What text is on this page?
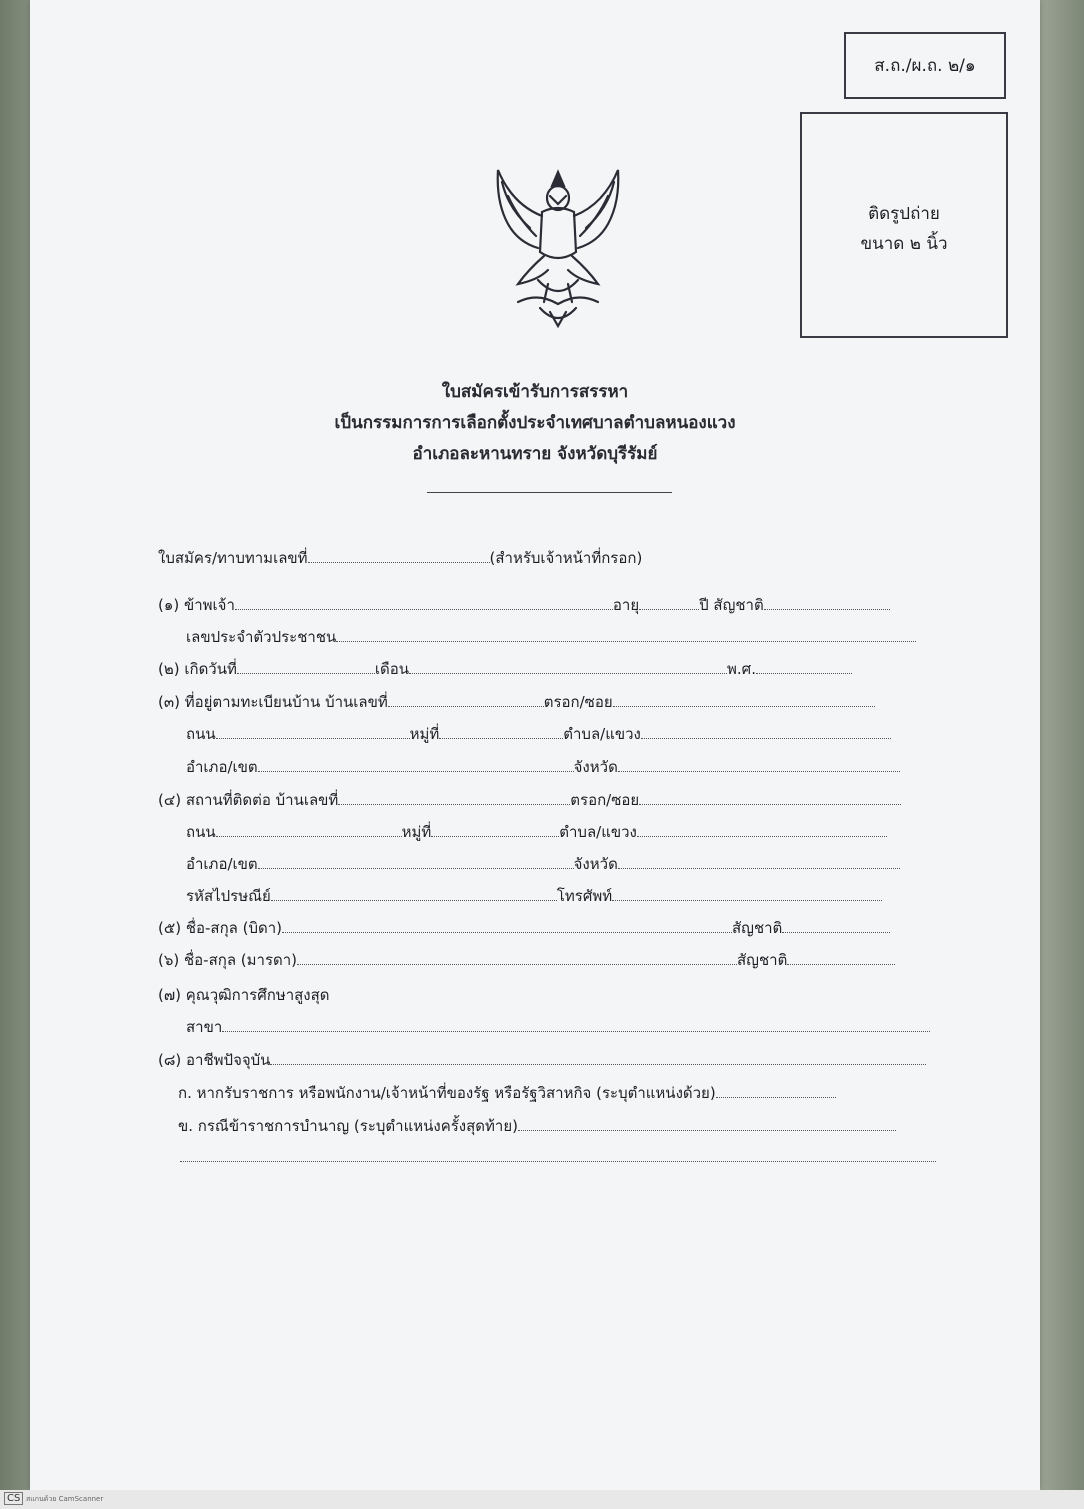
ส.ถ./ผ.ถ. ๒/๑
ติดรูปถ่าย
ขนาด ๒ นิ้ว
ใบสมัครเข้ารับการสรรหา
เป็นกรรมการการเลือกตั้งประจำเทศบาลตำบลหนองแวง
อำเภอละหานทราย จังหวัดบุรีรัมย์
ใบสมัคร/ทาบทามเลขที่	(สำหรับเจ้าหน้าที่กรอก)
(๑) ข้าพเจ้า	อายุ	ปี สัญชาติ
เลขประจำตัวประชาชน
(๒) เกิดวันที่	เดือน	พ.ศ.
(๓) ที่อยู่ตามทะเบียนบ้าน บ้านเลขที่	ตรอก/ซอย
ถนน	หมู่ที่	ตำบล/แขวง
อำเภอ/เขต	จังหวัด
(๔) สถานที่ติดต่อ บ้านเลขที่	ตรอก/ซอย
ถนน	หมู่ที่	ตำบล/แขวง
อำเภอ/เขต	จังหวัด
รหัสไปรษณีย์	โทรศัพท์
(๕) ชื่อ-สกุล (บิดา)	สัญชาติ
(๖) ชื่อ-สกุล (มารดา)	สัญชาติ
(๗) คุณวุฒิการศึกษาสูงสุด
สาขา
(๘) อาชีพปัจจุบัน
ก. หากรับราชการ หรือพนักงาน/เจ้าหน้าที่ของรัฐ หรือรัฐวิสาหกิจ (ระบุตำแหน่งด้วย)
ข. กรณีข้าราชการบำนาญ (ระบุตำแหน่งครั้งสุดท้าย)
CS สแกนด้วย CamScanner
